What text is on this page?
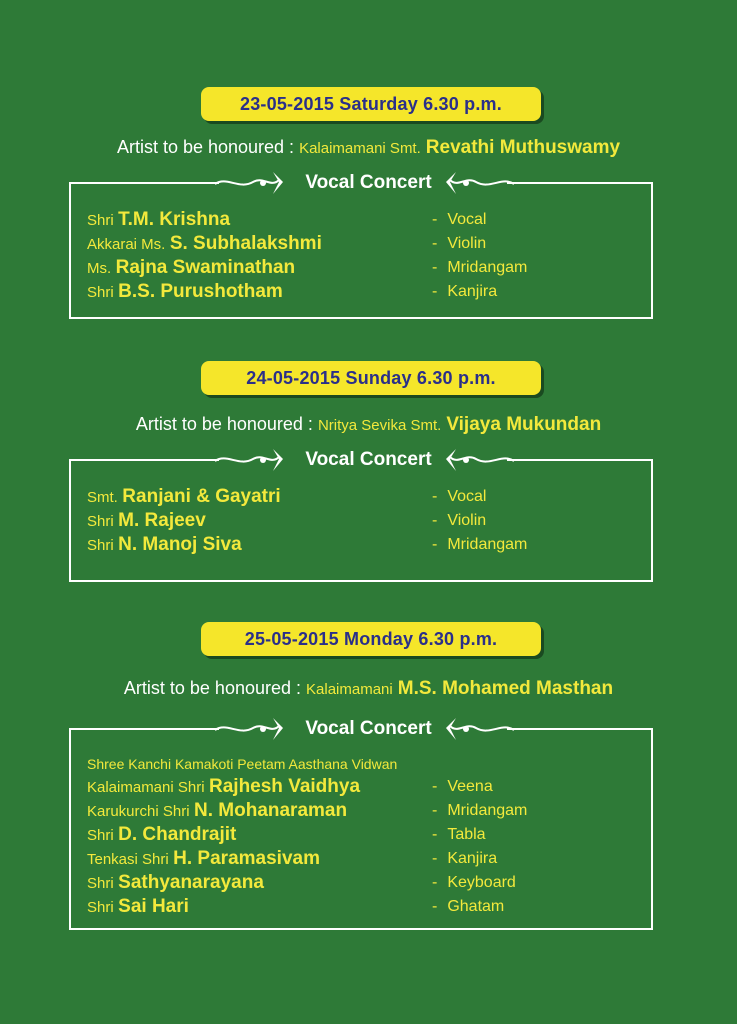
23-05-2015 Saturday 6.30 p.m.
Artist to be honoured : Kalaimamani Smt. Revathi Muthuswamy
Vocal Concert
Shri T.M. Krishna	- Vocal
Akkarai Ms. S. Subhalakshmi	- Violin
Ms. Rajna Swaminathan	- Mridangam
Shri B.S. Purushotham	- Kanjira
24-05-2015 Sunday 6.30 p.m.
Artist to be honoured : Nritya Sevika Smt. Vijaya Mukundan
Vocal Concert
Smt. Ranjani & Gayatri	- Vocal
Shri M. Rajeev	- Violin
Shri N. Manoj Siva	- Mridangam
25-05-2015 Monday 6.30 p.m.
Artist to be honoured : Kalaimamani M.S. Mohamed Masthan
Vocal Concert
Shree Kanchi Kamakoti Peetam Aasthana Vidwan
Kalaimamani Shri Rajhesh Vaidhya	- Veena
Karukurchi Shri N. Mohanaraman	- Mridangam
Shri D. Chandrajit	- Tabla
Tenkasi Shri H. Paramasivam	- Kanjira
Shri Sathyanarayana	- Keyboard
Shri Sai Hari	- Ghatam
